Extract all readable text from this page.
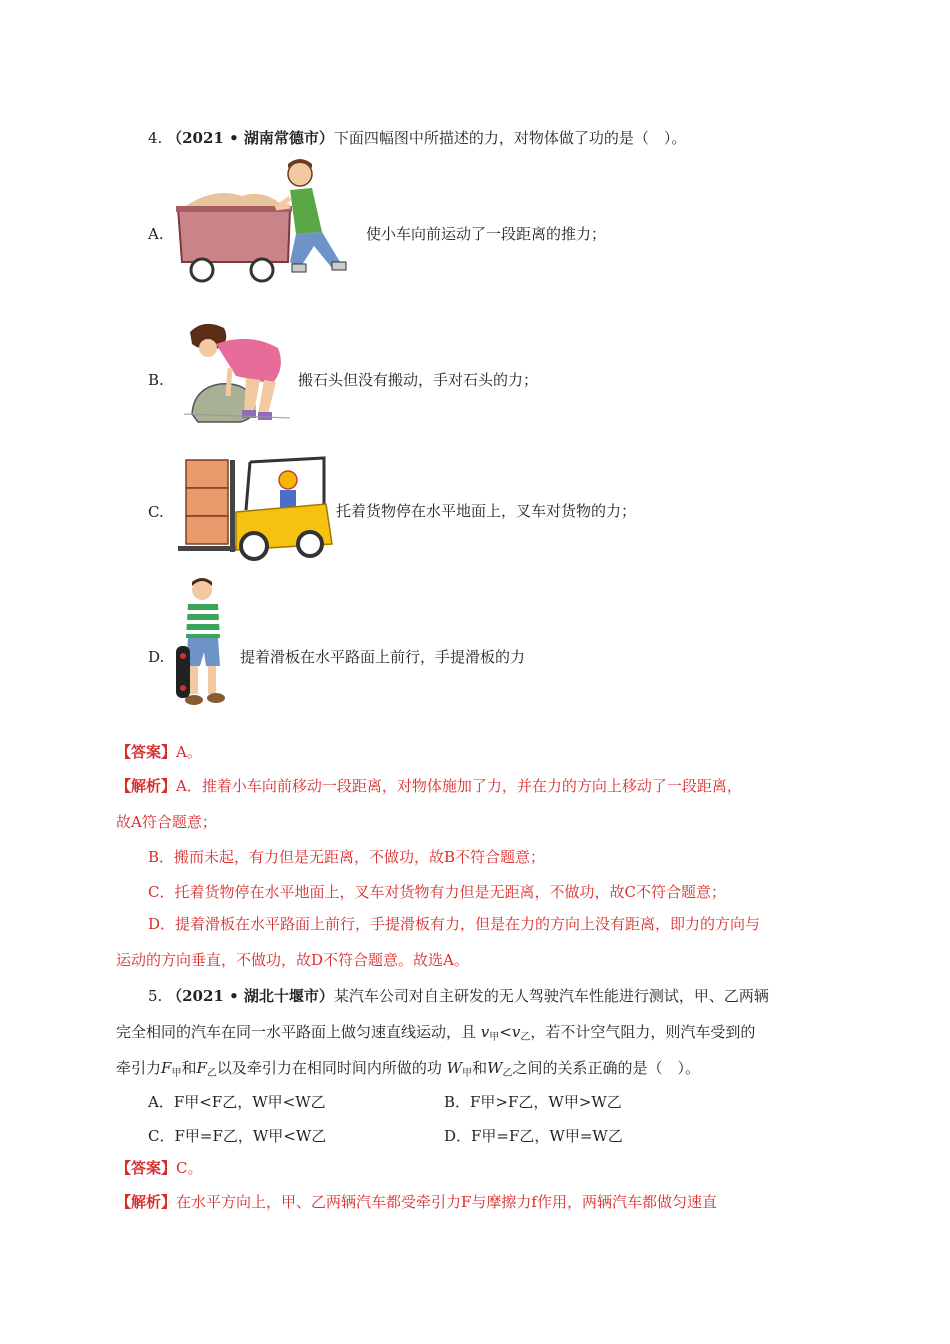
4. （2021 • 湖南常德市）下面四幅图中所描述的力，对物体做了功的是（　）。
A.	使小车向前运动了一段距离的推力；
B.	搬石头但没有搬动，手对石头的力；
C.	托着货物停在水平地面上，叉车对货物的力；
D.	提着滑板在水平路面上前行，手提滑板的力
【答案】A。
【解析】A．推着小车向前移动一段距离，对物体施加了力，并在力的方向上移动了一段距离，
故A符合题意；
B．搬而未起，有力但是无距离，不做功，故B不符合题意；
C．托着货物停在水平地面上，叉车对货物有力但是无距离，不做功，故C不符合题意；
D．提着滑板在水平路面上前行，手提滑板有力，但是在力的方向上没有距离，即力的方向与
运动的方向垂直，不做功，故D不符合题意。故选A。
5. （2021 • 湖北十堰市）某汽车公司对自主研发的无人驾驶汽车性能进行测试，甲、乙两辆
完全相同的汽车在同一水平路面上做匀速直线运动，且 $v_甲<v_乙$，若不计空气阻力，则汽车受到的
牵引力$F_甲$和$F_乙$以及牵引力在相同时间内所做的功 $W_甲$和$W_乙$之间的关系正确的是（　）。
A．F甲<F乙，W甲<W乙	B．F甲>F乙，W甲>W乙
C．F甲=F乙，W甲<W乙	D．F甲=F乙，W甲=W乙
【答案】C。
【解析】在水平方向上，甲、乙两辆汽车都受牵引力F与摩擦力f作用，两辆汽车都做匀速直
